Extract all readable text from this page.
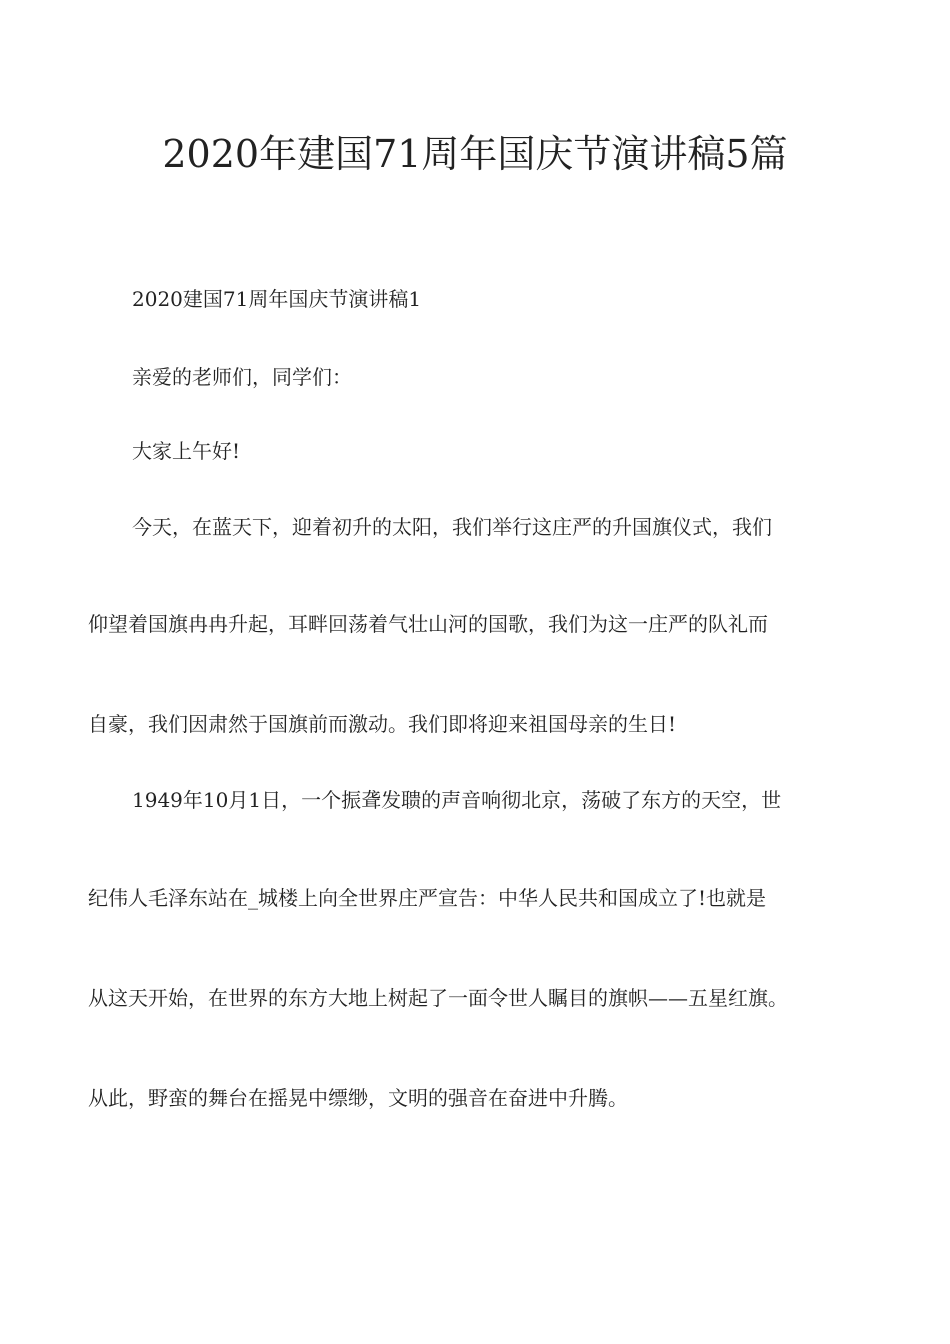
2020年建国71周年国庆节演讲稿5篇

2020建国71周年国庆节演讲稿1

亲爱的老师们，同学们：

大家上午好!

今天，在蓝天下，迎着初升的太阳，我们举行这庄严的升国旗仪式，我们

仰望着国旗冉冉升起，耳畔回荡着气壮山河的国歌，我们为这一庄严的队礼而

自豪，我们因肃然于国旗前而激动。我们即将迎来祖国母亲的生日!

1949年10月1日，一个振聋发聩的声音响彻北京，荡破了东方的天空，世

纪伟人毛泽东站在_城楼上向全世界庄严宣告：中华人民共和国成立了!也就是

从这天开始，在世界的东方大地上树起了一面令世人瞩目的旗帜——五星红旗。

从此，野蛮的舞台在摇晃中缥缈，文明的强音在奋进中升腾。
